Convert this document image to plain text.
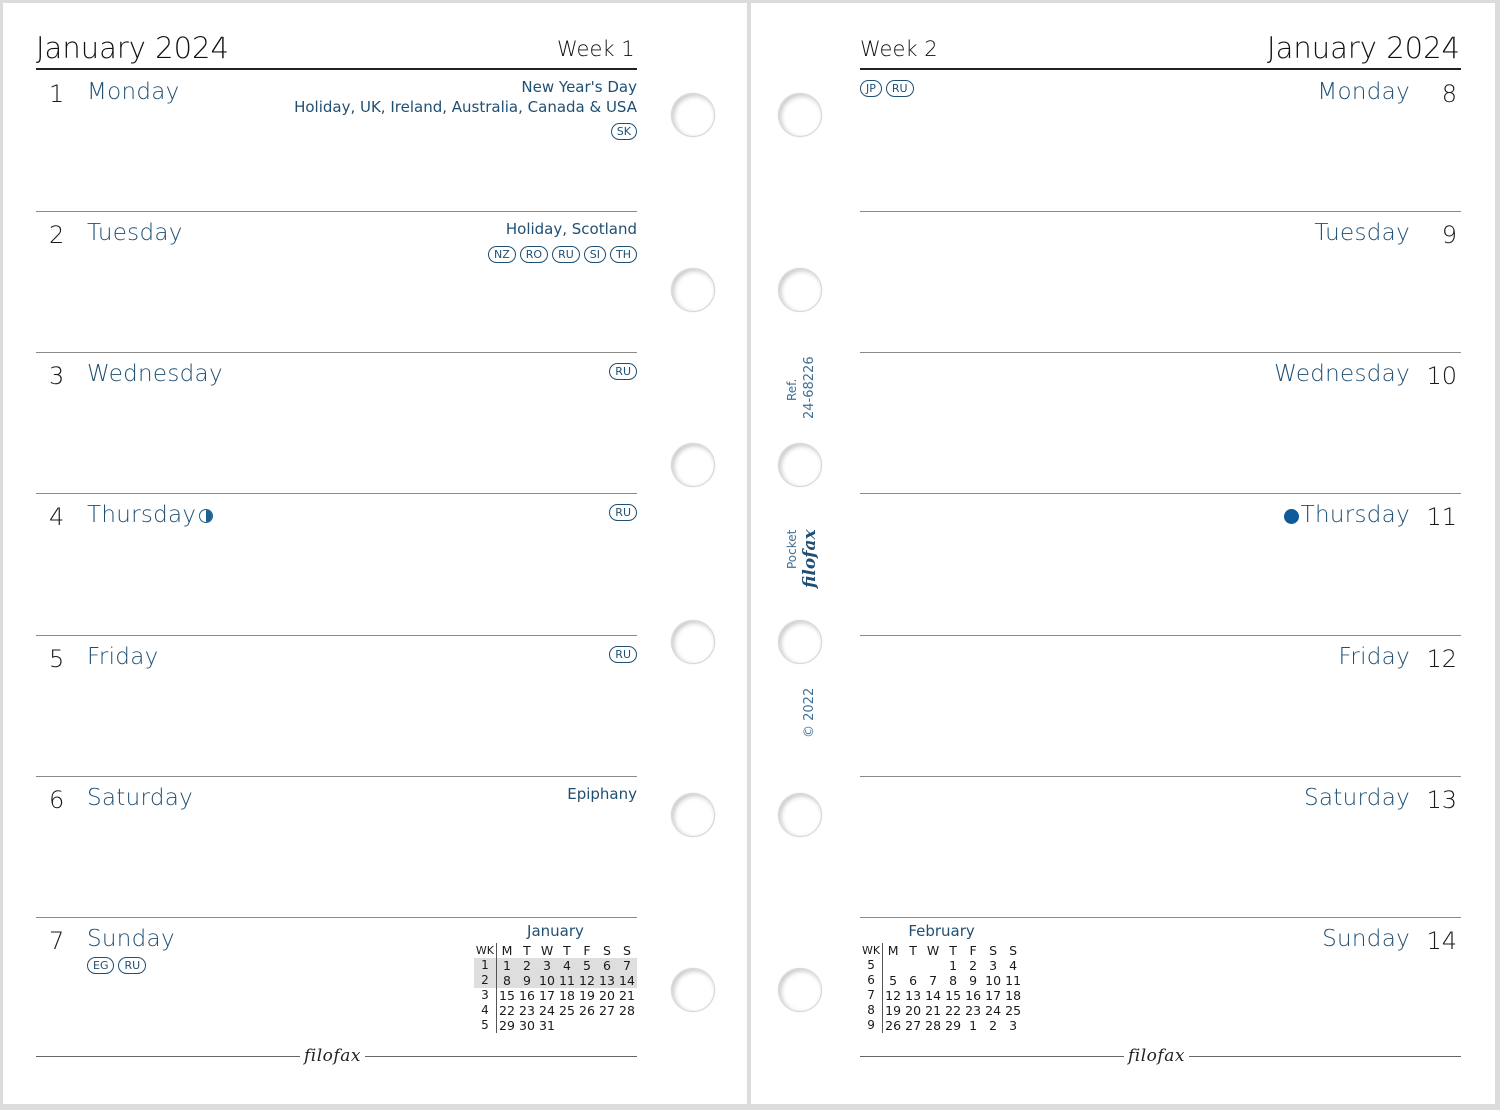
January 2024	Week 1
1 Monday	New Year's Day
Holiday, UK, Ireland, Australia, Canada & USA
SK
2 Tuesday	Holiday, Scotland
NZ	RO	RU	SI	TH
3 Wednesday	RU
4 Thursday	RU
5 Friday	RU
6 Saturday	Epiphany
7 Sunday
EG	RU
January
WK	M	T	W	T	F	S	S
1	1	2	3	4	5	6	7
2	8	9	10	11	12	13	14
3	15	16	17	18	19	20	21
4	22	23	24	25	26	27	28
5	29	30	31				
filofax
Ref. 24-68226
Pocket filofax
© 2022
Week 2	January 2024
JP	RU	Monday 8
Tuesday 9
Wednesday 10
Thursday 11
Friday 12
Saturday 13
Sunday 14
February
WK	M	T	W	T	F	S	S
5				1	2	3	4
6	5	6	7	8	9	10	11
7	12	13	14	15	16	17	18
8	19	20	21	22	23	24	25
9	26	27	28	29	1	2	3
filofax
